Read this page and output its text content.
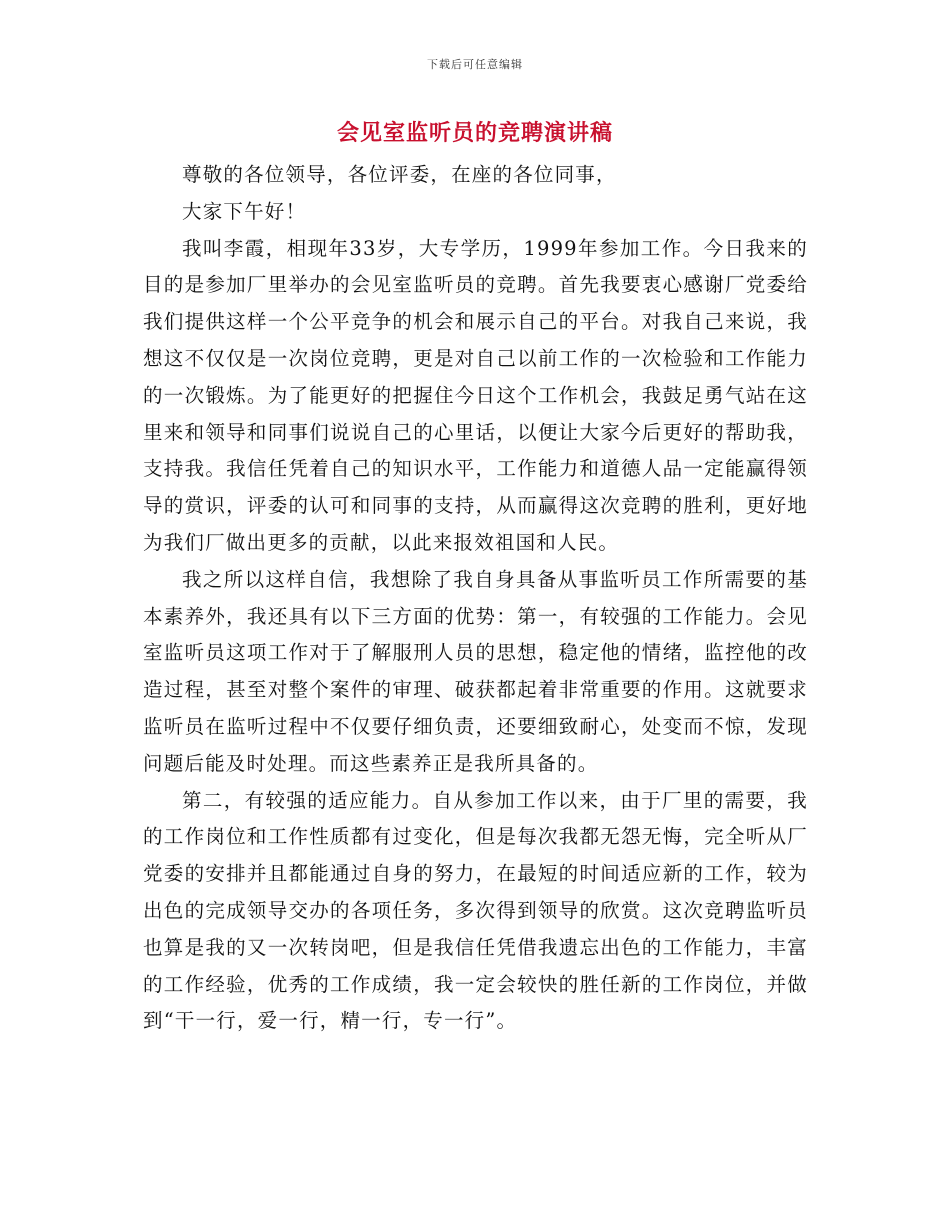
下载后可任意编辑
会见室监听员的竞聘演讲稿

尊敬的各位领导，各位评委，在座的各位同事，

大家下午好！

我叫李霞，相现年33岁，大专学历，1999年参加工作。今日我来的目的是参加厂里举办的会见室监听员的竞聘。首先我要衷心感谢厂党委给我们提供这样一个公平竞争的机会和展示自己的平台。对我自己来说，我想这不仅仅是一次岗位竞聘，更是对自己以前工作的一次检验和工作能力的一次锻炼。为了能更好的把握住今日这个工作机会，我鼓足勇气站在这里来和领导和同事们说说自己的心里话，以便让大家今后更好的帮助我，支持我。我信任凭着自己的知识水平，工作能力和道德人品一定能赢得领导的赏识，评委的认可和同事的支持，从而赢得这次竞聘的胜利，更好地为我们厂做出更多的贡献，以此来报效祖国和人民。

我之所以这样自信，我想除了我自身具备从事监听员工作所需要的基本素养外，我还具有以下三方面的优势：第一，有较强的工作能力。会见室监听员这项工作对于了解服刑人员的思想，稳定他的情绪，监控他的改造过程，甚至对整个案件的审理、破获都起着非常重要的作用。这就要求监听员在监听过程中不仅要仔细负责，还要细致耐心，处变而不惊，发现问题后能及时处理。而这些素养正是我所具备的。

第二，有较强的适应能力。自从参加工作以来，由于厂里的需要，我的工作岗位和工作性质都有过变化，但是每次我都无怨无悔，完全听从厂党委的安排并且都能通过自身的努力，在最短的时间适应新的工作，较为出色的完成领导交办的各项任务，多次得到领导的欣赏。这次竞聘监听员也算是我的又一次转岗吧，但是我信任凭借我遗忘出色的工作能力，丰富的工作经验，优秀的工作成绩，我一定会较快的胜任新的工作岗位，并做到“干一行，爱一行，精一行，专一行”。
